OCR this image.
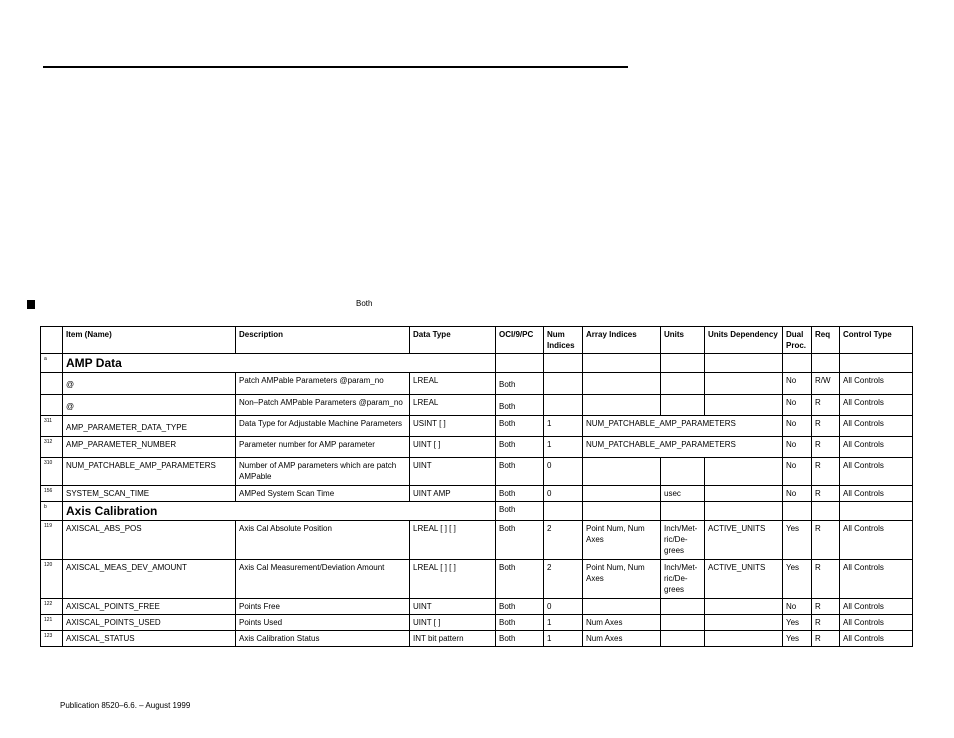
Both
	Item (Name)	Description	Data Type	OCI/9/PC	Num Indices	Array Indices	Units	Units Dependency	Dual Proc.	Req	Control Type
a	AMP Data										
	@	Patch AMPable Parameters @param_no	LREAL	Both					No	R/W	All Controls
	@	Non–Patch AMPable Parameters @param_no	LREAL	Both					No	R	All Controls
311	AMP_PARAMETER_DATA_TYPE	Data Type for Adjustable Machine Parameters	USINT [ ]	Both	1	NUM_PATCHABLE_AMP_PARAMETERS			No	R	All Controls
312	AMP_PARAMETER_NUMBER	Parameter number for AMP parameter	UINT [ ]	Both	1	NUM_PATCHABLE_AMP_PARAMETERS			No	R	All Controls
310	NUM_PATCHABLE_AMP_PARAMETERS	Number of AMP parameters which are patch AMPable	UINT	Both	0				No	R	All Controls
156	SYSTEM_SCAN_TIME	AMPed System Scan Time	UINT AMP	Both	0		usec		No	R	All Controls
b	Axis Calibration			Both							
119	AXISCAL_ABS_POS	Axis Cal Absolute Position	LREAL [ ] [ ]	Both	2	Point Num, Num Axes	Inch/Met-ric/De-grees	ACTIVE_UNITS	Yes	R	All Controls
120	AXISCAL_MEAS_DEV_AMOUNT	Axis Cal Measurement/Deviation Amount	LREAL [ ] [ ]	Both	2	Point Num, Num Axes	Inch/Met-ric/De-grees	ACTIVE_UNITS	Yes	R	All Controls
122	AXISCAL_POINTS_FREE	Points Free	UINT	Both	0				No	R	All Controls
121	AXISCAL_POINTS_USED	Points Used	UINT [ ]	Both	1	Num Axes			Yes	R	All Controls
123	AXISCAL_STATUS	Axis Calibration Status	INT bit pattern	Both	1	Num Axes			Yes	R	All Controls
Publication 8520–6.6. – August 1999
